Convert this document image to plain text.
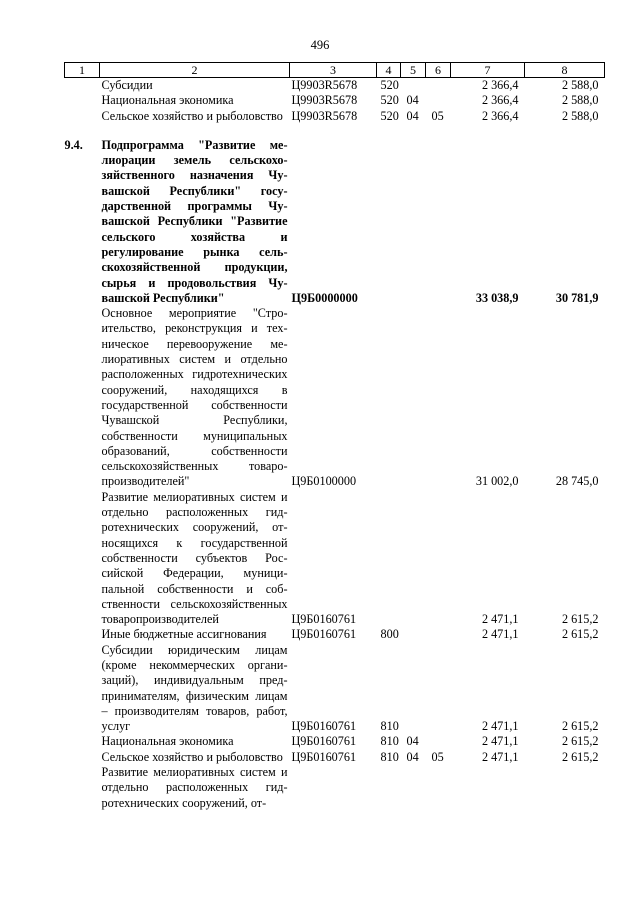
496
1	2	3	4	5	6	7	8
	Субсидии	Ц9903R5678	520			2 366,4	2 588,0
	Национальная экономика	Ц9903R5678	520	04		2 366,4	2 588,0
	Сельское хозяйство и рыболовство	Ц9903R5678	520	04	05	2 366,4	2 588,0

9.4.	Подпрограмма "Развитие мелиорации земель сельскохозяйственного назначения Чувашской Республики" государственной программы Чувашской Республики "Развитие сельского хозяйства и регулирование рынка сельскохозяйственной продукции, сырья и продовольствия Чувашской Республики"	Ц9Б0000000				33 038,9	30 781,9
	Основное мероприятие "Строительство, реконструкция и техническое перевооружение мелиоративных систем и отдельно расположенных гидротехнических сооружений, находящихся в государственной собственности Чувашской Республики, собственности муниципальных образований, собственности сельскохозяйственных товаропроизводителей"	Ц9Б0100000				31 002,0	28 745,0
	Развитие мелиоративных систем и отдельно расположенных гидротехнических сооружений, относящихся к государственной собственности субъектов Российской Федерации, муниципальной собственности и собственности сельскохозяйственных товаропроизводителей	Ц9Б0160761				2 471,1	2 615,2
	Иные бюджетные ассигнования	Ц9Б0160761	800			2 471,1	2 615,2
	Субсидии юридическим лицам (кроме некоммерческих организаций), индивидуальным предпринимателям, физическим лицам – производителям товаров, работ, услуг	Ц9Б0160761	810			2 471,1	2 615,2
	Национальная экономика	Ц9Б0160761	810	04		2 471,1	2 615,2
	Сельское хозяйство и рыболовство	Ц9Б0160761	810	04	05	2 471,1	2 615,2
	Развитие мелиоративных систем и отдельно расположенных гидротехнических сооружений, от-						
